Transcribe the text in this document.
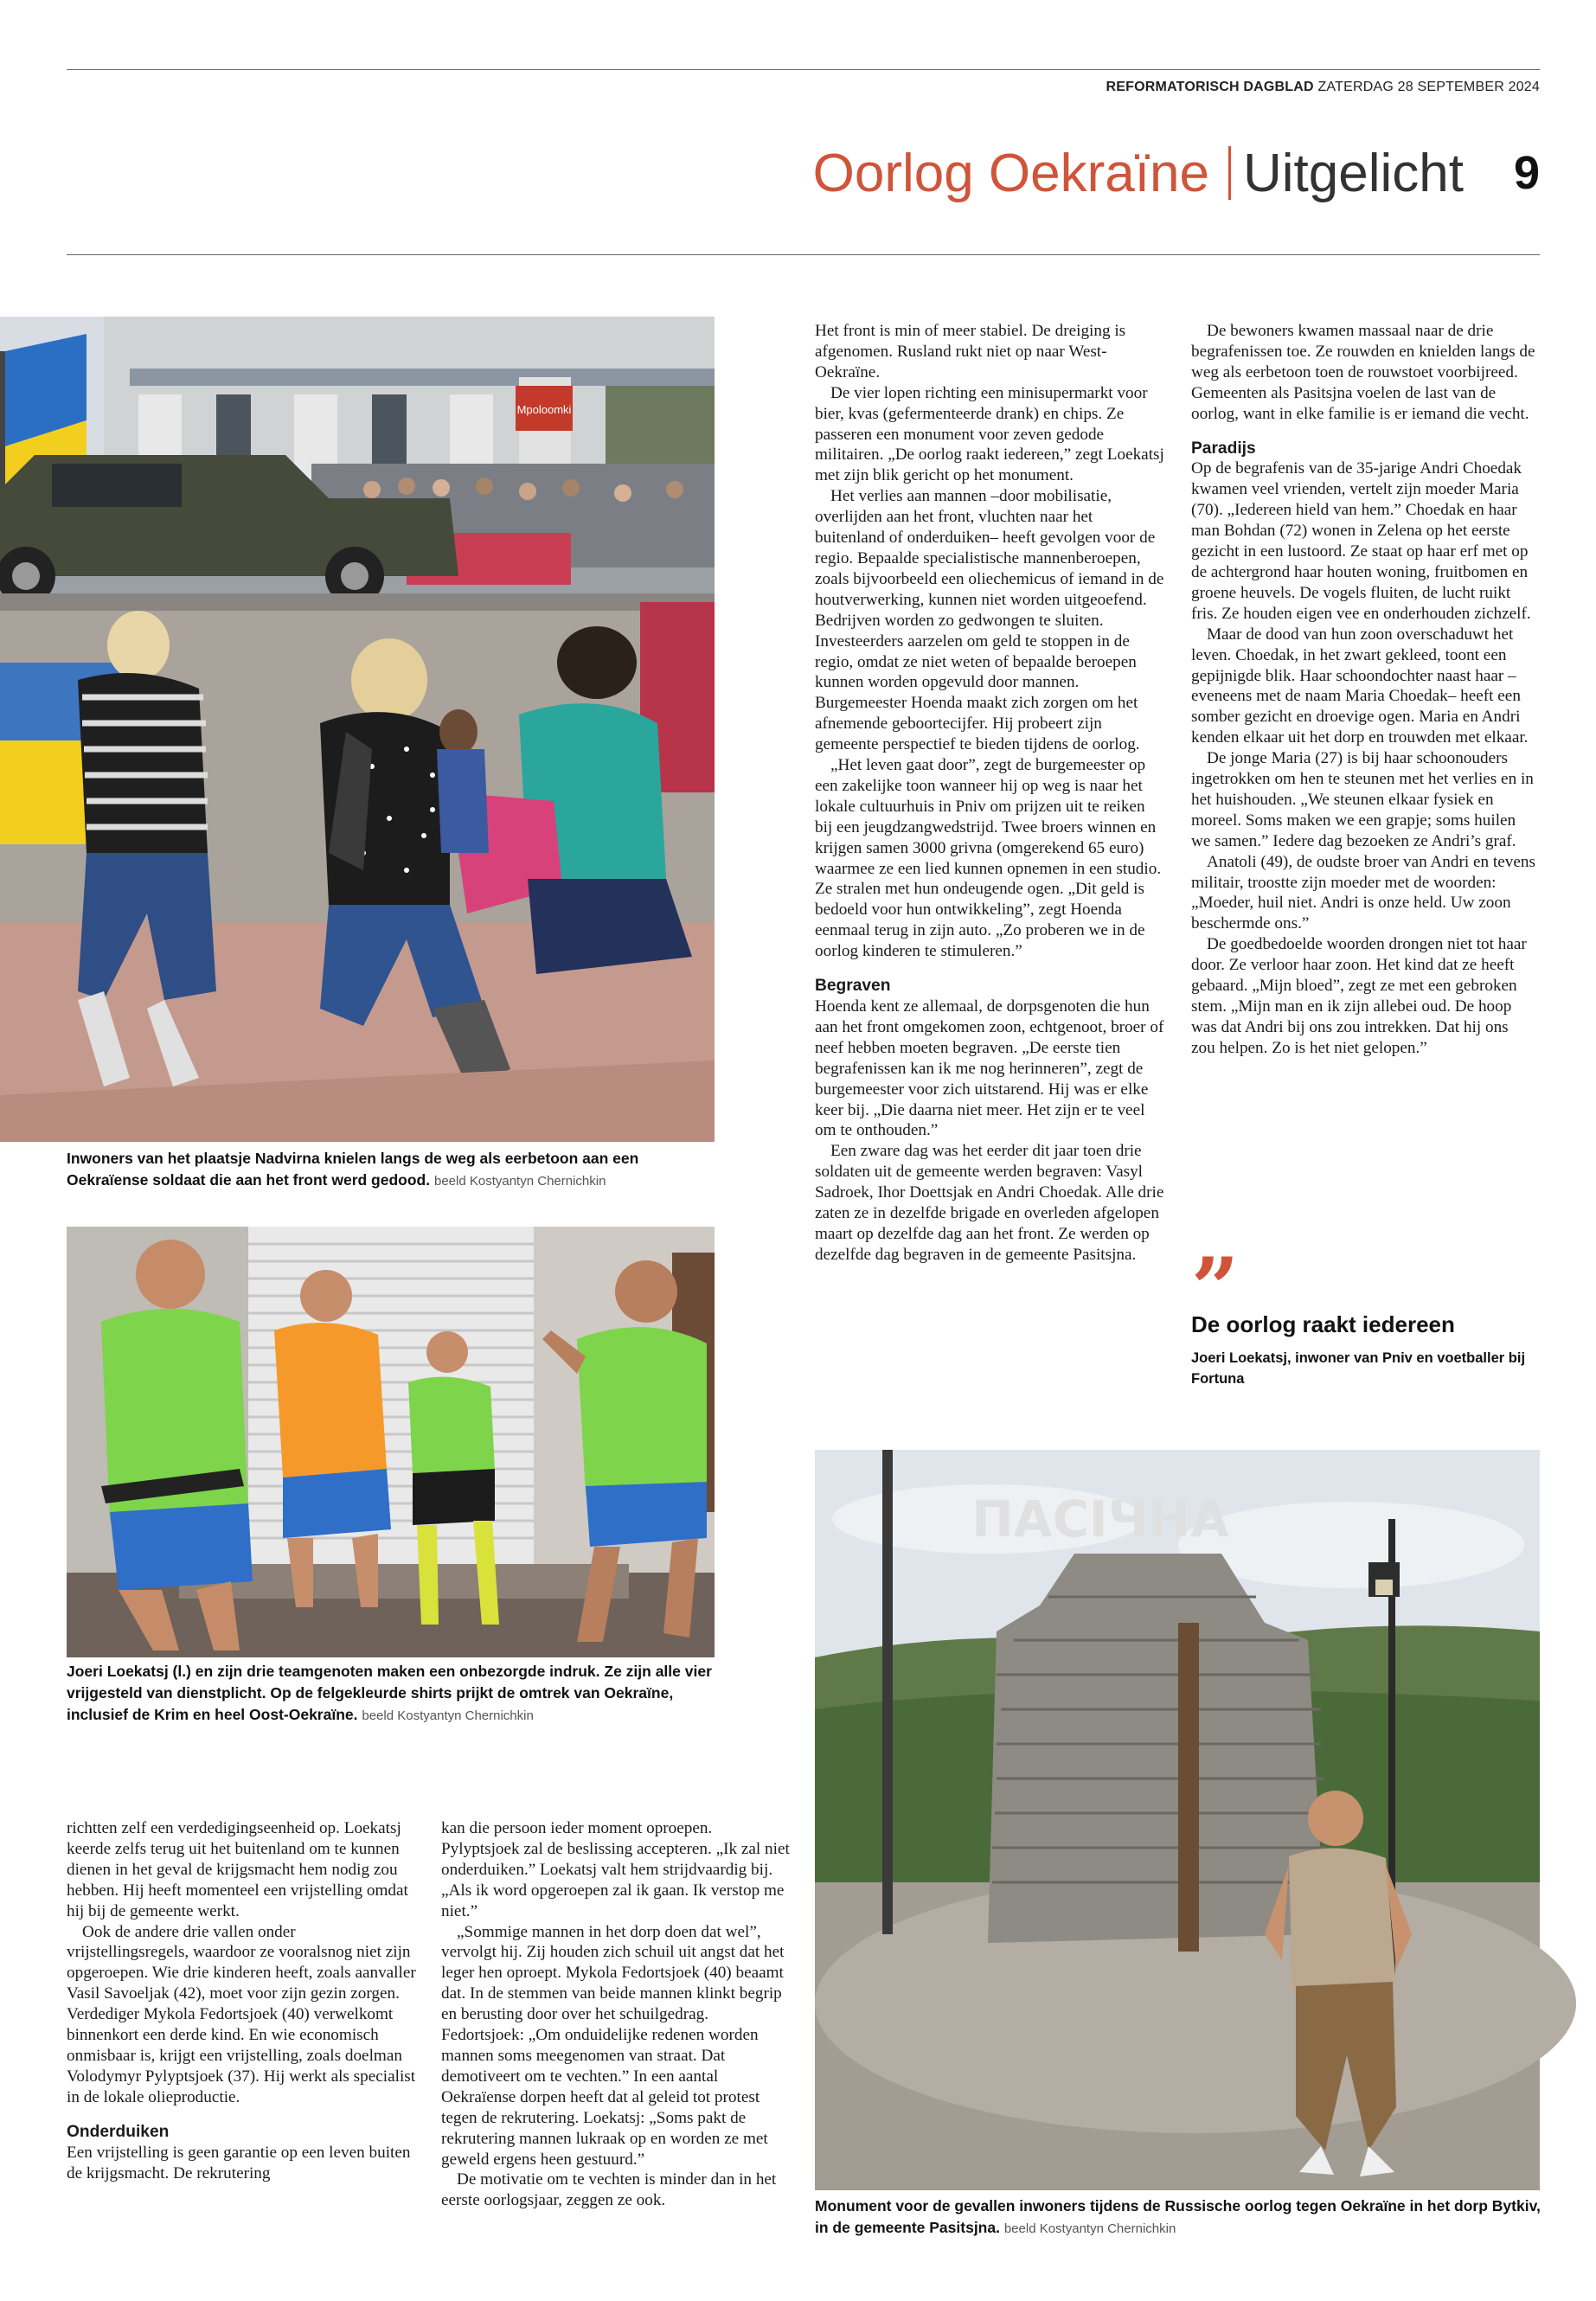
REFORMATORISCH DAGBLAD ZATERDAG 28 SEPTEMBER 2024
Oorlog Oekraïne Uitgelicht 9
Mpoloomki
Inwoners van het plaatsje Nadvirna knielen langs de weg als eerbetoon aan een Oekraïense soldaat die aan het front werd gedood. beeld Kostyantyn Chernichkin
Joeri Loekatsj (l.) en zijn drie teamgenoten maken een onbezorgde indruk. Ze zijn alle vier vrijgesteld van dienstplicht. Op de felgekleurde shirts prijkt de omtrek van Oekraïne, inclusief de Krim en heel Oost-Oekraïne. beeld Kostyantyn Chernichkin
ПАСІЧНА
Monument voor de gevallen inwoners tijdens de Russische oorlog tegen Oekraïne in het dorp Bytkiv, in de gemeente Pasitsjna. beeld Kostyantyn Chernichkin

Het front is min of meer stabiel. De dreiging is afgenomen. Rusland rukt niet op naar West-Oekraïne.

De vier lopen richting een minisupermarkt voor bier, kvas (gefermenteerde drank) en chips. Ze passeren een monument voor zeven gedode militairen. „De oorlog raakt iedereen,” zegt Loekatsj met zijn blik gericht op het monument.

Het verlies aan mannen –door mobilisatie, overlijden aan het front, vluchten naar het buitenland of onderduiken– heeft gevolgen voor de regio. Bepaalde specialistische mannenberoepen, zoals bijvoorbeeld een oliechemicus of iemand in de houtverwerking, kunnen niet worden uitgeoefend. Bedrijven worden zo gedwongen te sluiten. Investeerders aarzelen om geld te stoppen in de regio, omdat ze niet weten of bepaalde beroepen kunnen worden opgevuld door mannen. Burgemeester Hoenda maakt zich zorgen om het afnemende geboortecijfer. Hij probeert zijn gemeente perspectief te bieden tijdens de oorlog.

„Het leven gaat door”, zegt de burgemeester op een zakelijke toon wanneer hij op weg is naar het lokale cultuurhuis in Pniv om prijzen uit te reiken bij een jeugdzangwedstrijd. Twee broers winnen en krijgen samen 3000 grivna (omgerekend 65 euro) waarmee ze een lied kunnen opnemen in een studio. Ze stralen met hun ondeugende ogen. „Dit geld is bedoeld voor hun ontwikkeling”, zegt Hoenda eenmaal terug in zijn auto. „Zo proberen we in de oorlog kinderen te stimuleren.”

Begraven

Hoenda kent ze allemaal, de dorpsgenoten die hun aan het front omgekomen zoon, echtgenoot, broer of neef hebben moeten begraven. „De eerste tien begrafenissen kan ik me nog herinneren”, zegt de burgemeester voor zich uitstarend. Hij was er elke keer bij. „Die daarna niet meer. Het zijn er te veel om te onthouden.”

Een zware dag was het eerder dit jaar toen drie soldaten uit de gemeente werden begraven: Vasyl Sadroek, Ihor Doettsjak en Andri Choedak. Alle drie zaten ze in dezelfde brigade en overleden afgelopen maart op dezelfde dag aan het front. Ze werden op dezelfde dag begraven in de gemeente Pasitsjna.

De bewoners kwamen massaal naar de drie begrafenissen toe. Ze rouwden en knielden langs de weg als eerbetoon toen de rouwstoet voorbijreed. Gemeenten als Pasitsjna voelen de last van de oorlog, want in elke familie is er iemand die vecht.

Paradijs

Op de begrafenis van de 35-jarige Andri Choedak kwamen veel vrienden, vertelt zijn moeder Maria (70). „Iedereen hield van hem.” Choedak en haar man Bohdan (72) wonen in Zelena op het eerste gezicht in een lustoord. Ze staat op haar erf met op de achtergrond haar houten woning, fruitbomen en groene heuvels. De vogels fluiten, de lucht ruikt fris. Ze houden eigen vee en onderhouden zichzelf.

Maar de dood van hun zoon overschaduwt het leven. Choedak, in het zwart gekleed, toont een gepijnigde blik. Haar schoondochter naast haar –eveneens met de naam Maria Choedak– heeft een somber gezicht en droevige ogen. Maria en Andri kenden elkaar uit het dorp en trouwden met elkaar.

De jonge Maria (27) is bij haar schoonouders ingetrokken om hen te steunen met het verlies en in het huishouden. „We steunen elkaar fysiek en moreel. Soms maken we een grapje; soms huilen we samen.” Iedere dag bezoeken ze Andri’s graf.

Anatoli (49), de oudste broer van Andri en tevens militair, troostte zijn moeder met de woorden: „Moeder, huil niet. Andri is onze held. Uw zoon beschermde ons.”

De goedbedoelde woorden drongen niet tot haar door. Ze verloor haar zoon. Het kind dat ze heeft gebaard. „Mijn bloed”, zegt ze met een gebroken stem. „Mijn man en ik zijn allebei oud. De hoop was dat Andri bij ons zou intrekken. Dat hij ons zou helpen. Zo is het niet gelopen.”

richtten zelf een verdedigingseenheid op. Loekatsj keerde zelfs terug uit het buitenland om te kunnen dienen in het geval de krijgsmacht hem nodig zou hebben. Hij heeft momenteel een vrijstelling omdat hij bij de gemeente werkt.

Ook de andere drie vallen onder vrijstellingsregels, waardoor ze vooralsnog niet zijn opgeroepen. Wie drie kinderen heeft, zoals aanvaller Vasil Savoeljak (42), moet voor zijn gezin zorgen. Verdediger Mykola Fedortsjoek (40) verwelkomt binnenkort een derde kind. En wie economisch onmisbaar is, krijgt een vrijstelling, zoals doelman Volodymyr Pylyptsjoek (37). Hij werkt als specialist in de lokale olieproductie.

Onderduiken

Een vrijstelling is geen garantie op een leven buiten de krijgsmacht. De rekrutering

kan die persoon ieder moment oproepen. Pylyptsjoek zal de beslissing accepteren. „Ik zal niet onderduiken.” Loekatsj valt hem strijdvaardig bij. „Als ik word opgeroepen zal ik gaan. Ik verstop me niet.”

„Sommige mannen in het dorp doen dat wel”, vervolgt hij. Zij houden zich schuil uit angst dat het leger hen oproept. Mykola Fedortsjoek (40) beaamt dat. In de stemmen van beide mannen klinkt begrip en berusting door over het schuilgedrag. Fedortsjoek: „Om onduidelijke redenen worden mannen soms meegenomen van straat. Dat demotiveert om te vechten.” In een aantal Oekraïense dorpen heeft dat al geleid tot protest tegen de rekrutering. Loekatsj: „Soms pakt de rekrutering mannen lukraak op en worden ze met geweld ergens heen gestuurd.”

De motivatie om te vechten is minder dan in het eerste oorlogsjaar, zeggen ze ook.

”
De oorlog raakt iedereen
Joeri Loekatsj, inwoner van Pniv en voetballer bij Fortuna
